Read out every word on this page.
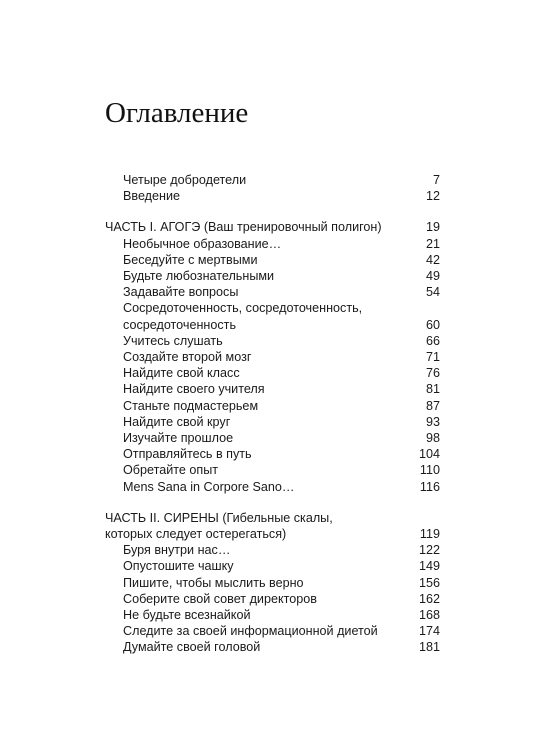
Оглавление
Четыре добродетели	7
Введение	12
ЧАСТЬ I. АГОГЭ (Ваш тренировочный полигон)	19
Необычное образование…	21
Беседуйте с мертвыми	42
Будьте любознательными	49
Задавайте вопросы	54
Сосредоточенность, сосредоточенность,
сосредоточенность	60
Учитесь слушать	66
Создайте второй мозг	71
Найдите свой класс	76
Найдите своего учителя	81
Станьте подмастерьем	87
Найдите свой круг	93
Изучайте прошлое	98
Отправляйтесь в путь	104
Обретайте опыт	110
Mens Sana in Corpore Sano…	116
ЧАСТЬ II. СИРЕНЫ (Гибельные скалы,
которых следует остерегаться)	119
Буря внутри нас…	122
Опустошите чашку	149
Пишите, чтобы мыслить верно	156
Соберите свой совет директоров	162
Не будьте всезнайкой	168
Следите за своей информационной диетой	174
Думайте своей головой	181
